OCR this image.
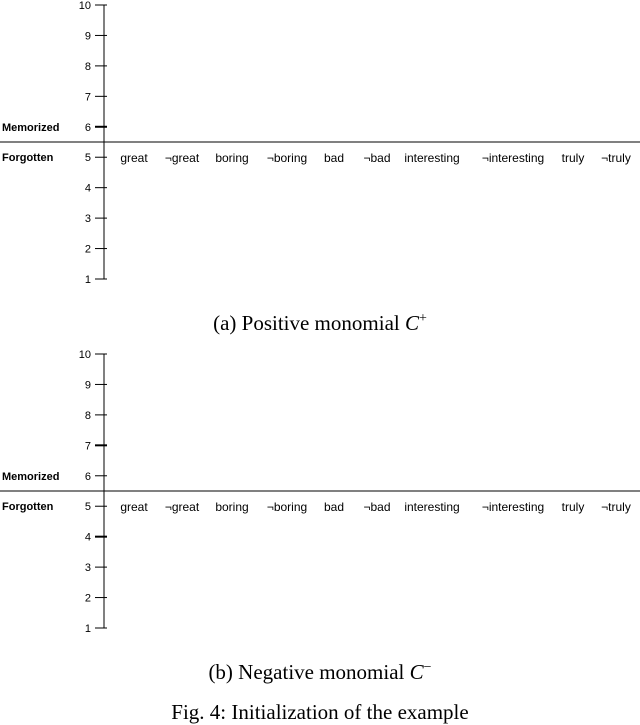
1
2
3
4
5
6
7
8
9
10
Memorized
Forgotten	great ¬great boring ¬boring bad ¬bad interesting ¬interesting truly ¬truly
(a) Positive monomial C+
1
2
3
4
5
6
7
8
9
10
Memorized
Forgotten	great ¬great boring ¬boring bad ¬bad interesting ¬interesting truly ¬truly
(b) Negative monomial C−
Fig. 4: Initialization of the example
